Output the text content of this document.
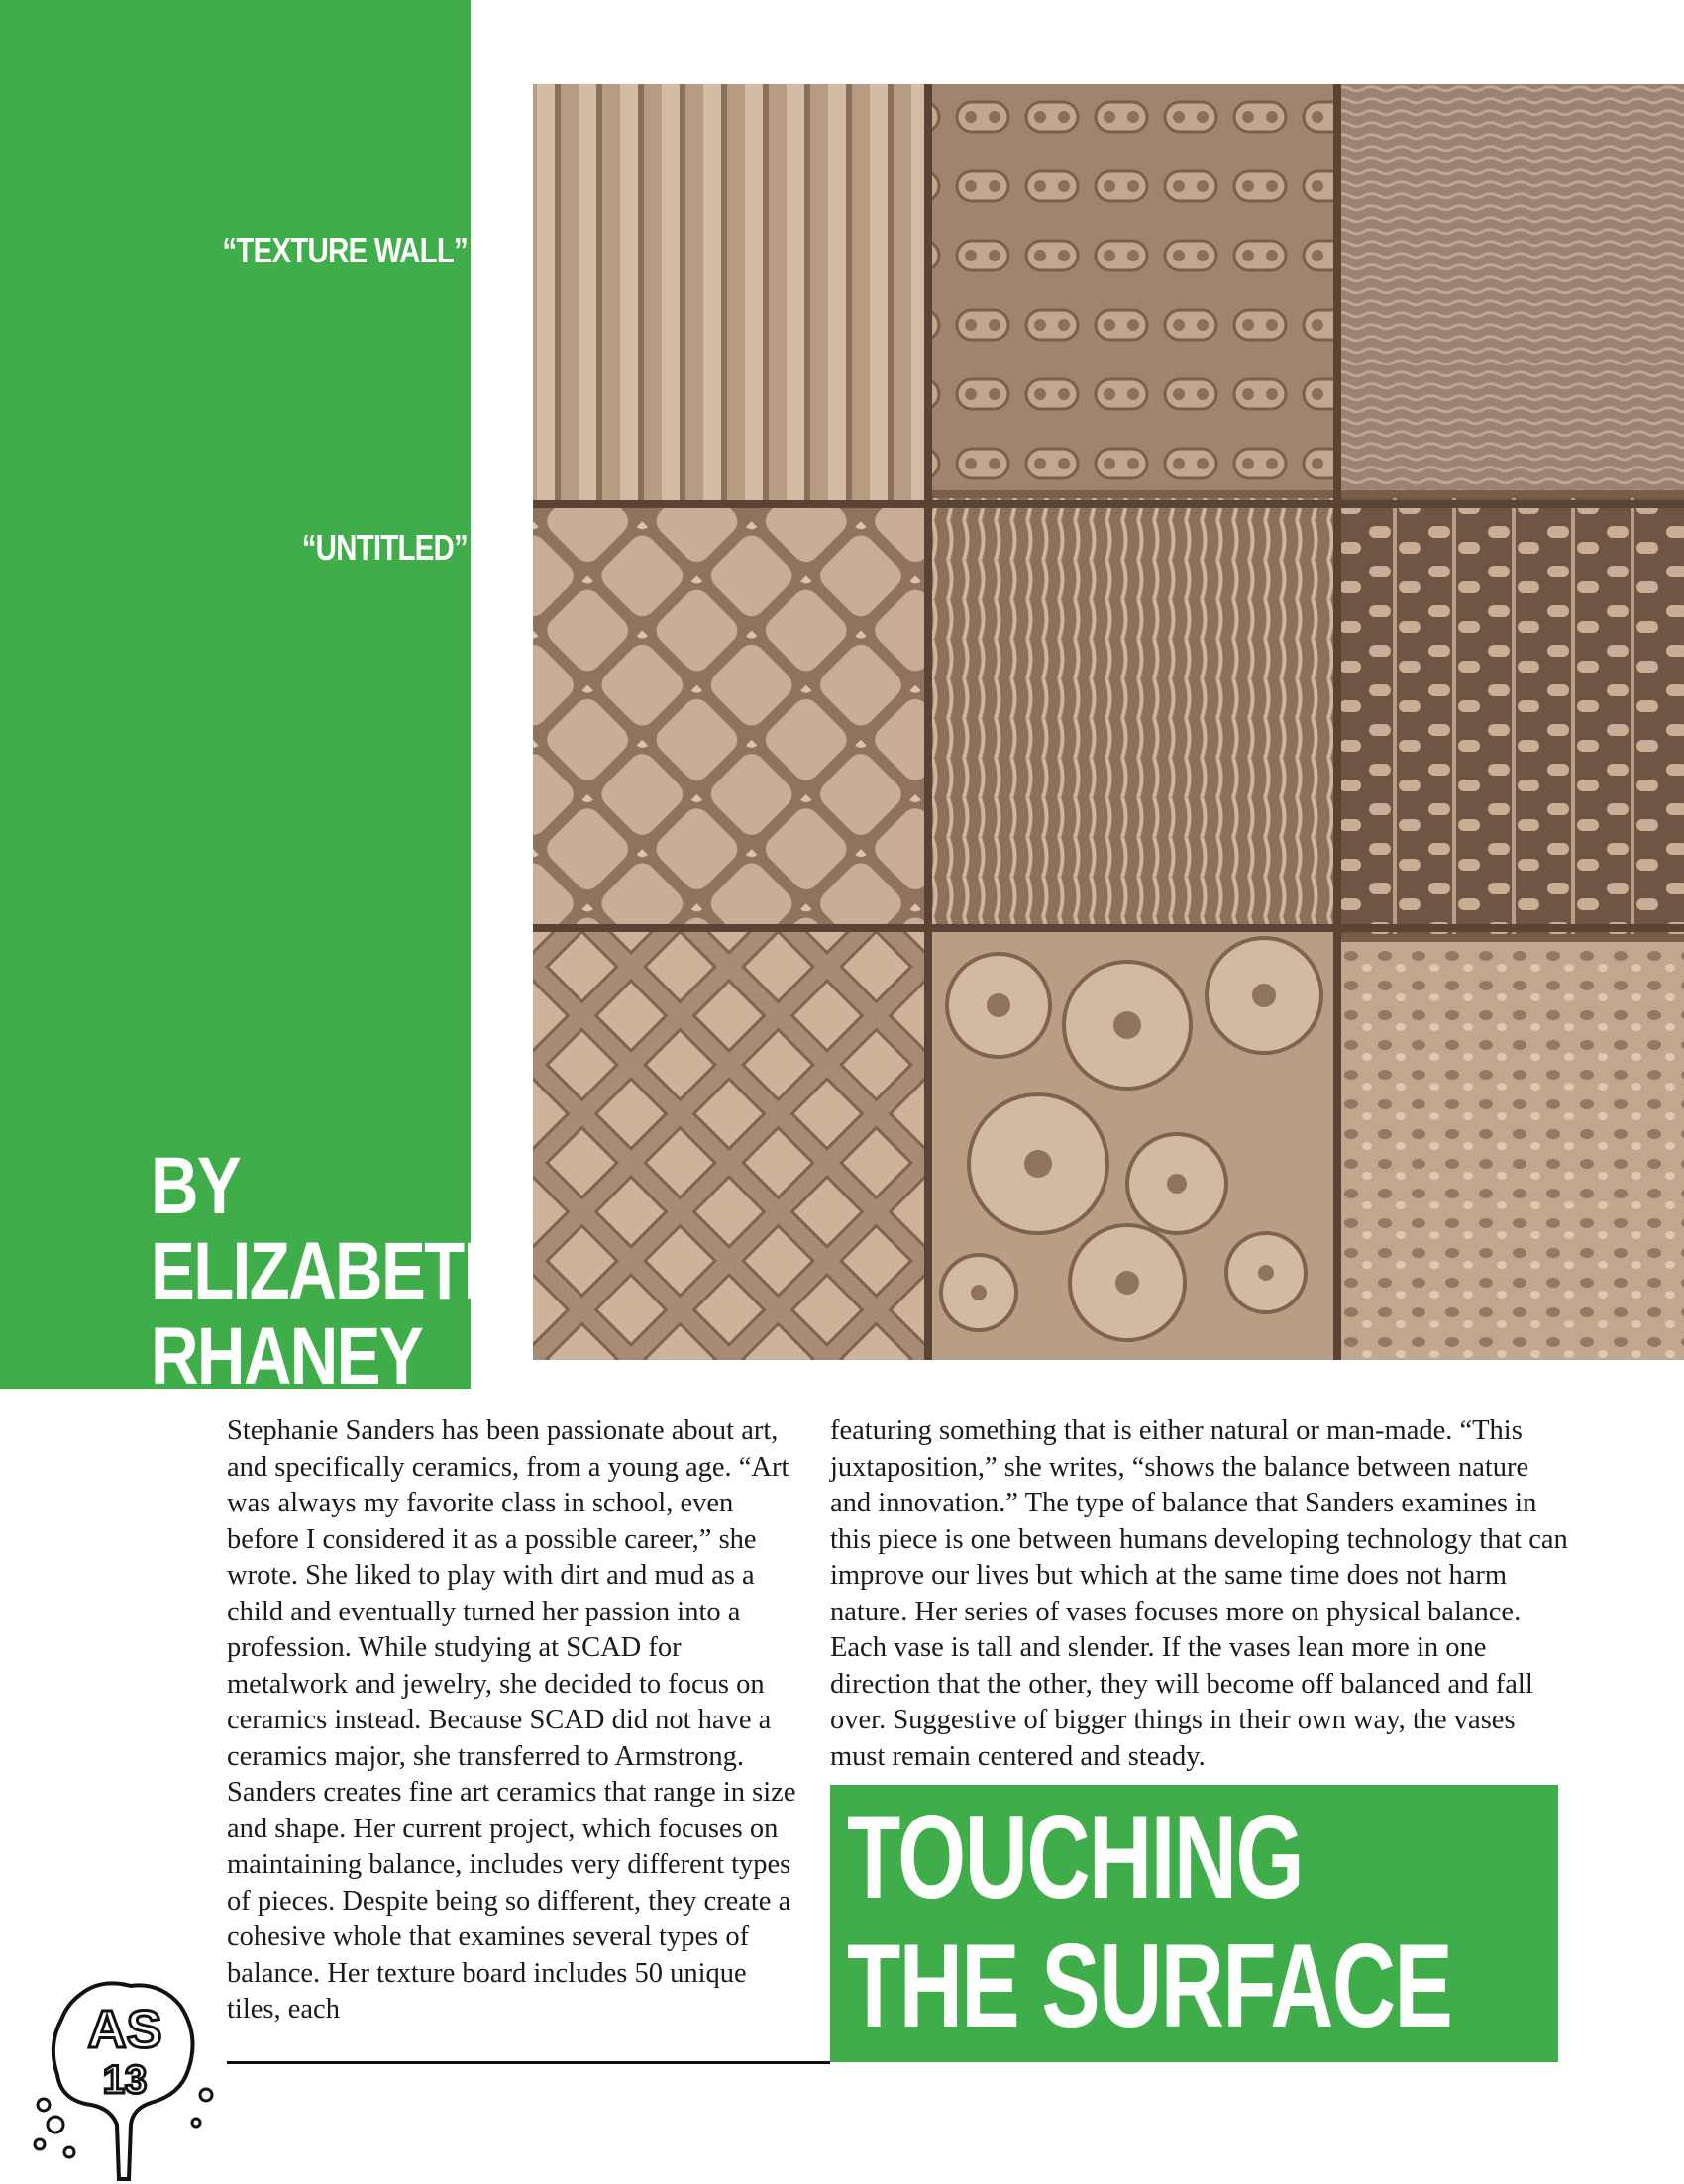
“TEXTURE WALL”
“UNTITLED”
BY
ELIZABETH
RHANEY
Stephanie Sanders has been passionate about art, and specifically ceramics, from a young age. “Art was always my favorite class in school, even before I considered it as a possible career,” she wrote. She liked to play with dirt and mud as a child and eventually turned her passion into a profession. While studying at SCAD for metalwork and jewelry, she decided to focus on ceramics instead. Because SCAD did not have a ceramics major, she transferred to Armstrong. Sanders creates fine art ceramics that range in size and shape. Her current project, which focuses on maintaining balance, includes very different types of pieces. Despite being so different, they create a cohesive whole that examines several types of balance. Her texture board includes 50 unique tiles, each
featuring something that is either natural or man-made. “This juxtaposition,” she writes, “shows the balance between nature and innovation.” The type of balance that Sanders examines in this piece is one between humans developing technology that can improve our lives but which at the same time does not harm nature. Her series of vases focuses more on physical balance. Each vase is tall and slender. If the vases lean more in one direction that the other, they will become off balanced and fall over. Suggestive of bigger things in their own way, the vases must remain centered and steady.
TOUCHING
THE SURFACE
AS
13
